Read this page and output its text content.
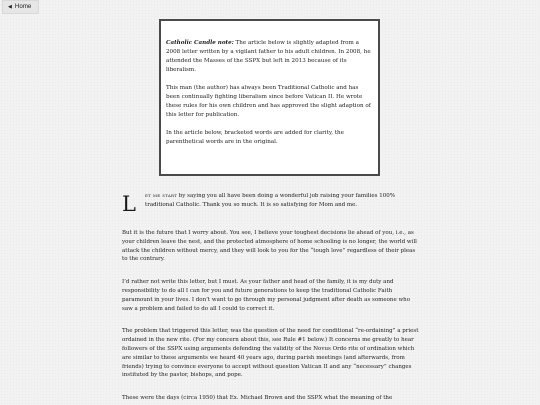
◀ Home

Catholic Candle note: The article below is slightly adapted from a 2008 letter written by a vigilant father to his adult children. In 2008, he attended the Masses of the SSPX but left in 2013 because of its liberalism.

This man (the author) has always been Traditional Catholic and has been continually fighting liberalism since before Vatican II. He wrote these rules for his own children and has approved the slight adaption of this letter for publication.

In the article below, bracketed words are added for clarity, the parenthetical words are in the original.

L et me start by saying you all have been doing a wonderful job raising your families 100% traditional Catholic. Thank you so much. It is so satisfying for Mom and me.

But it is the future that I worry about. You see, I believe your toughest decisions lie ahead of you, i.e., as your children leave the nest, and the protected atmosphere of home schooling is no longer, the world will attack the children without mercy, and they will look to you for the “tough love” regardless of their pleas to the contrary.

I’d rather not write this letter, but I must. As your father and head of the family, it is my duty and responsibility to do all I can for you and future generations to keep the traditional Catholic Faith paramount in your lives. I don’t want to go through my personal judgment after death as someone who saw a problem and failed to do all I could to correct it.

The problem that triggered this letter, was the question of the need for conditional “re-ordaining” a priest ordained in the new rite. (For my concern about this, see Rule #1 below.) It concerns me greatly to hear followers of the SSPX using arguments defending the validity of the Novus Ordo rite of ordination which are similar to these arguments we heard 40 years ago, during parish meetings (and afterwards, from friends) trying to convince everyone to accept without question Vatican II and any “necessary” changes instituted by the pastor, bishops, and pope.

These were the days (circa 1950) that Ex. Michael Brown and the SSPX what the meaning of the
